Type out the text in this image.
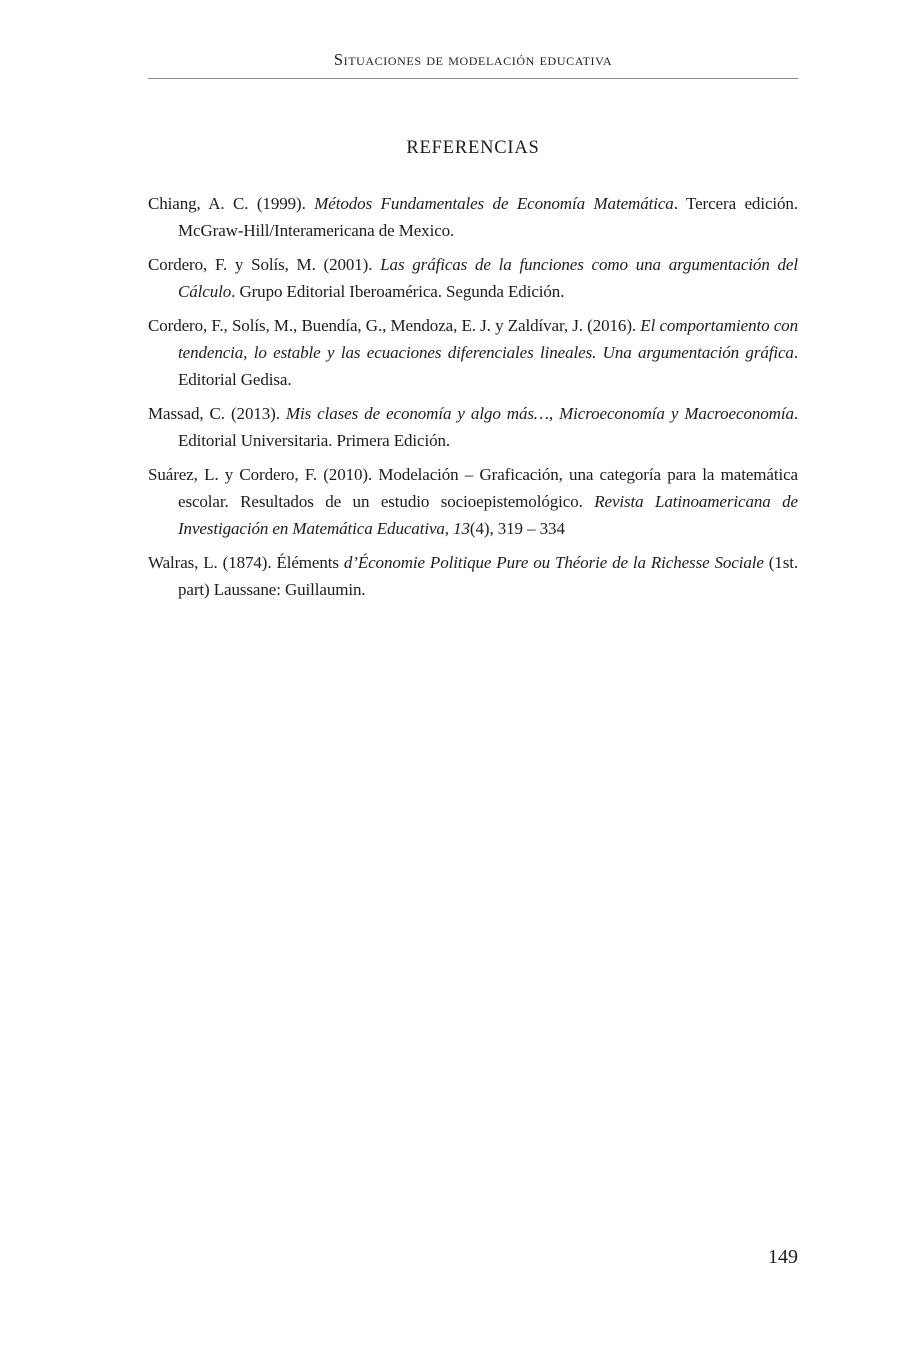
Situaciones de modelación educativa
REFERENCIAS

Chiang, A. C. (1999). Métodos Fundamentales de Economía Matemática. Tercera edición. McGraw-Hill/Interamericana de Mexico.

Cordero, F. y Solís, M. (2001). Las gráficas de la funciones como una argumentación del Cálculo. Grupo Editorial Iberoamérica. Segunda Edición.

Cordero, F., Solís, M., Buendía, G., Mendoza, E. J. y Zaldívar, J. (2016). El comportamiento con tendencia, lo estable y las ecuaciones diferenciales lineales. Una argumentación gráfica. Editorial Gedisa.

Massad, C. (2013). Mis clases de economía y algo más…, Microeconomía y Macroeconomía. Editorial Universitaria. Primera Edición.

Suárez, L. y Cordero, F. (2010). Modelación – Graficación, una categoría para la matemática escolar. Resultados de un estudio socioepistemológico. Revista Latinoamericana de Investigación en Matemática Educativa, 13(4), 319 – 334

Walras, L. (1874). Éléments d’Économie Politique Pure ou Théorie de la Richesse Sociale (1st. part) Laussane: Guillaumin.

149
